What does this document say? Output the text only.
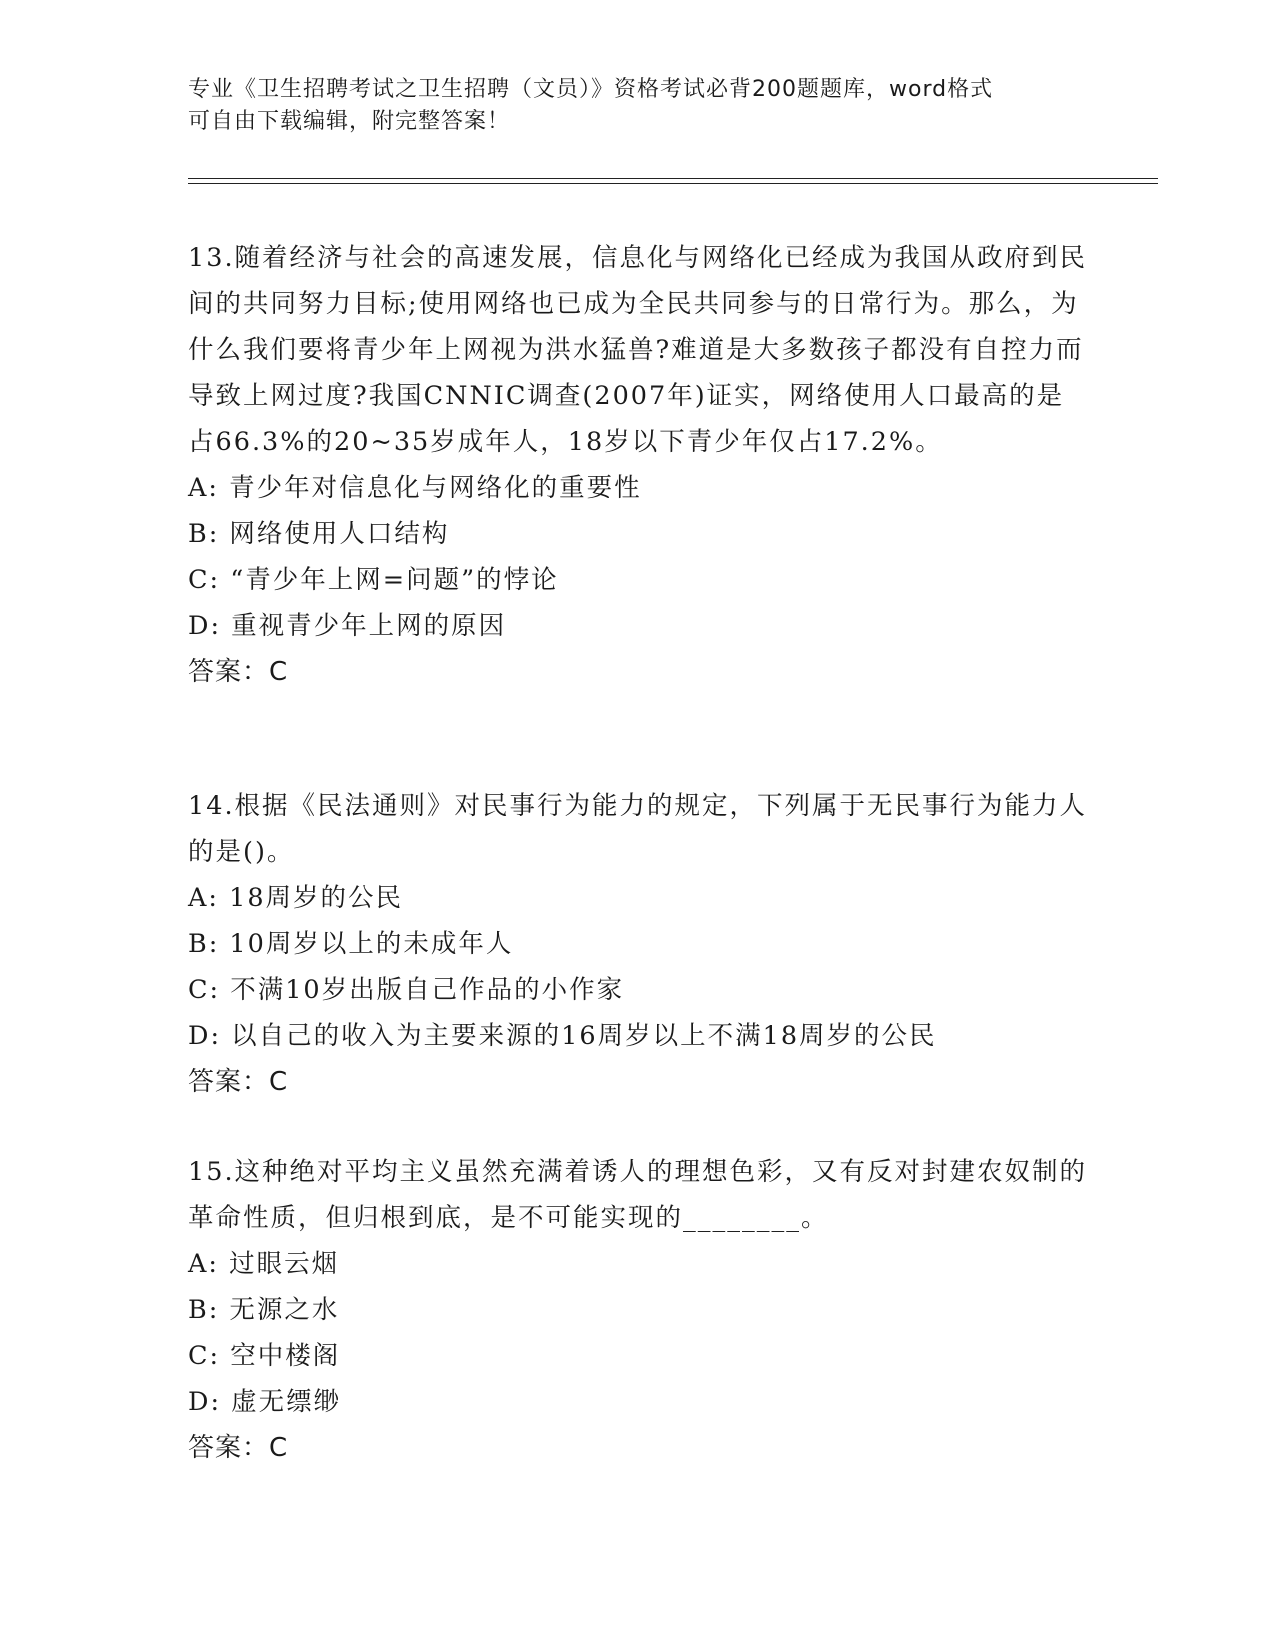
专业《卫生招聘考试之卫生招聘（文员）》资格考试必背200题题库，word格式
可自由下载编辑，附完整答案！

13.随着经济与社会的高速发展，信息化与网络化已经成为我国从政府到民间的共同努力目标;使用网络也已成为全民共同参与的日常行为。那么，为什么我们要将青少年上网视为洪水猛兽?难道是大多数孩子都没有自控力而导致上网过度?我国CNNIC调查(2007年)证实，网络使用人口最高的是占66.3%的20~35岁成年人，18岁以下青少年仅占17.2%。

A: 青少年对信息化与网络化的重要性

B: 网络使用人口结构

C: “青少年上网=问题”的悖论

D: 重视青少年上网的原因

答案：C

14.根据《民法通则》对民事行为能力的规定，下列属于无民事行为能力人的是()。

A: 18周岁的公民

B: 10周岁以上的未成年人

C: 不满10岁出版自己作品的小作家

D: 以自己的收入为主要来源的16周岁以上不满18周岁的公民

答案：C

15.这种绝对平均主义虽然充满着诱人的理想色彩，又有反对封建农奴制的革命性质，但归根到底，是不可能实现的________。

A: 过眼云烟

B: 无源之水

C: 空中楼阁

D: 虚无缥缈

答案：C
